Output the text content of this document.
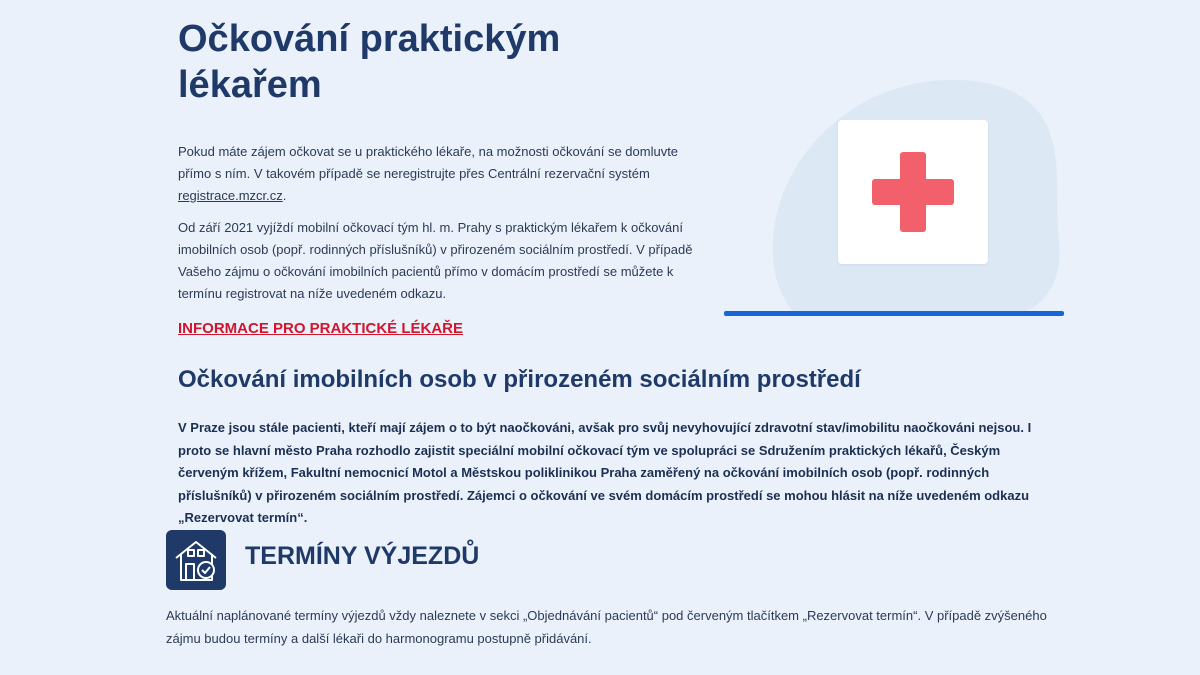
Očkování praktickým
lékařem

Pokud máte zájem očkovat se u praktického lékaře, na možnosti očkování se domluvte přímo s ním. V takovém případě se neregistrujte přes Centrální rezervační systém registrace.mzcr.cz.

Od září 2021 vyjíždí mobilní očkovací tým hl. m. Prahy s praktickým lékařem k očkování imobilních osob (popř. rodinných příslušníků) v přirozeném sociálním prostředí. V případě Vašeho zájmu o očkování imobilních pacientů přímo v domácím prostředí se můžete k termínu registrovat na níže uvedeném odkazu.

INFORMACE PRO PRAKTICKÉ LÉKAŘE
Očkování imobilních osob v přirozeném sociálním prostředí

V Praze jsou stále pacienti, kteří mají zájem o to být naočkováni, avšak pro svůj nevyhovující zdravotní stav/imobilitu naočkováni nejsou. I proto se hlavní město Praha rozhodlo zajistit speciální mobilní očkovací tým ve spolupráci se Sdružením praktických lékařů, Českým červeným křížem, Fakultní nemocnicí Motol a Městskou poliklinikou Praha zaměřený na očkování imobilních osob (popř. rodinných příslušníků) v přirozeném sociálním prostředí. Zájemci o očkování ve svém domácím prostředí se mohou hlásit na níže uvedeném odkazu „Rezervovat termín“.

TERMÍNY VÝJEZDŮ

Aktuální naplánované termíny výjezdů vždy naleznete v sekci „Objednávání pacientů“ pod červeným tlačítkem „Rezervovat termín“. V případě zvýšeného zájmu budou termíny a další lékaři do harmonogramu postupně přidávání.
